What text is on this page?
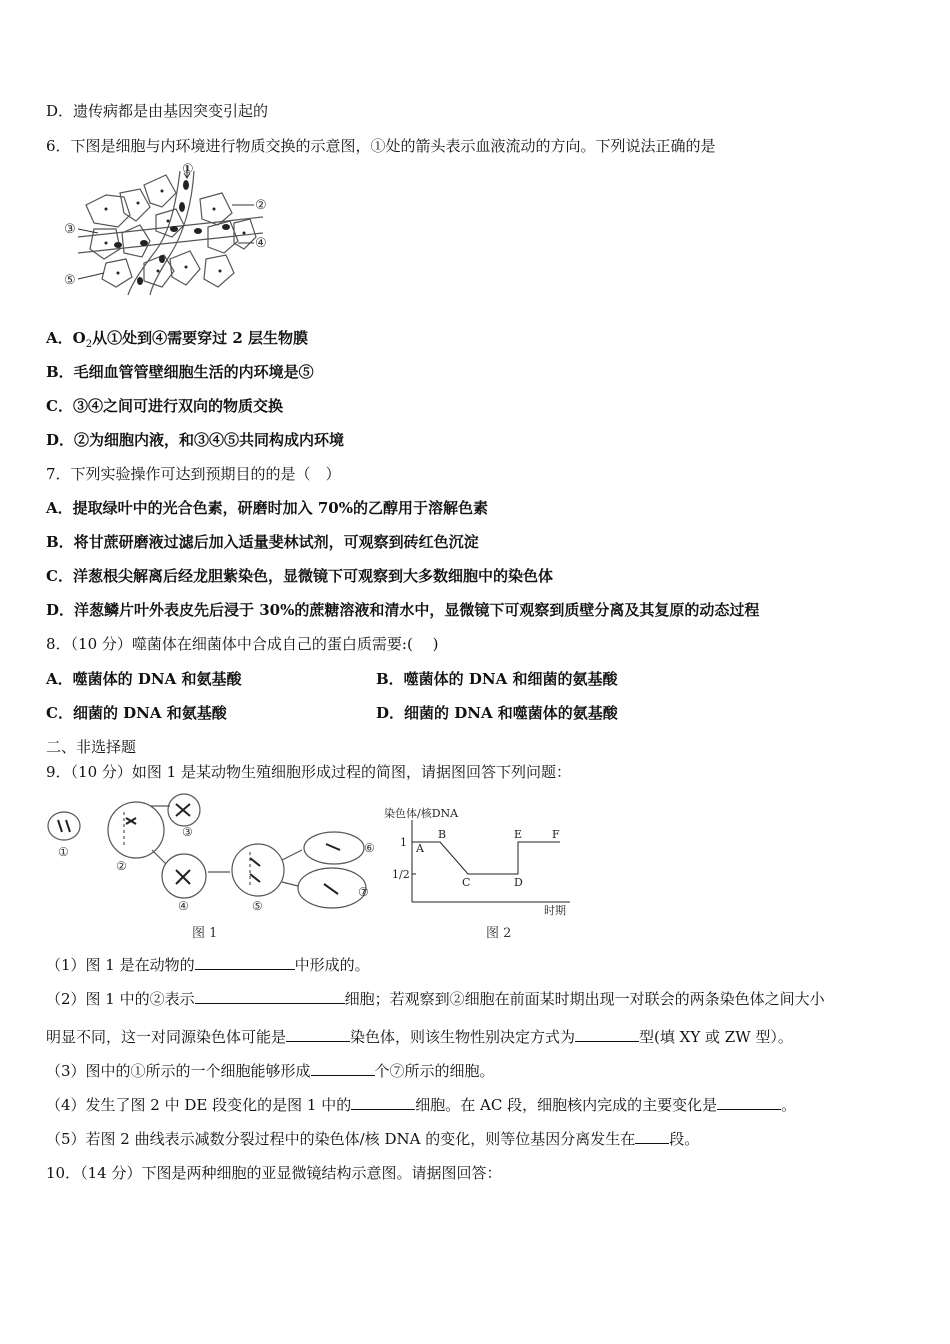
D．遗传病都是由基因突变引起的
6．下图是细胞与内环境进行物质交换的示意图，①处的箭头表示血液流动的方向。下列说法正确的是
①
②
③
④
⑤
A．$O_2$从①处到④需要穿过 2 层生物膜
B．毛细血管管壁细胞生活的内环境是⑤
C．③④之间可进行双向的物质交换
D．②为细胞内液，和③④⑤共同构成内环境
7．下列实验操作可达到预期目的的是（　）
A．提取绿叶中的光合色素，研磨时加入 70%的乙醇用于溶解色素
B．将甘蔗研磨液过滤后加入适量斐林试剂，可观察到砖红色沉淀
C．洋葱根尖解离后经龙胆紫染色，显微镜下可观察到大多数细胞中的染色体
D．洋葱鳞片叶外表皮先后浸于 30%的蔗糖溶液和清水中，显微镜下可观察到质壁分离及其复原的动态过程
8．（10 分）噬菌体在细菌体中合成自己的蛋白质需要:(　 )
A．噬菌体的 DNA 和氨基酸	B．噬菌体的 DNA 和细菌的氨基酸
C．细菌的 DNA 和氨基酸	D．细菌的 DNA 和噬菌体的氨基酸
二、非选择题
9．（10 分）如图 1 是某动物生殖细胞形成过程的简图，请据图回答下列问题：
①
②
③
④	⑤
⑥
⑦
图 1
染色体/核DNA
时期
1
1/2
A
B
C	D
E	F
图 2
（1）图 1 是在动物的	中形成的。
（2）图 1 中的②表示	细胞；若观察到②细胞在前面某时期出现一对联会的两条染色体之间大小
明显不同，这一对同源染色体可能是	染色体，则该生物性别决定方式为	型(填 XY 或 ZW 型）。
（3）图中的①所示的一个细胞能够形成	个⑦所示的细胞。
（4）发生了图 2 中 DE 段变化的是图 1 中的	细胞。在 AC 段，细胞核内完成的主要变化是	。
（5）若图 2 曲线表示减数分裂过程中的染色体/核 DNA 的变化，则等位基因分离发生在 段。
10．（14 分）下图是两种细胞的亚显微镜结构示意图。请据图回答：
